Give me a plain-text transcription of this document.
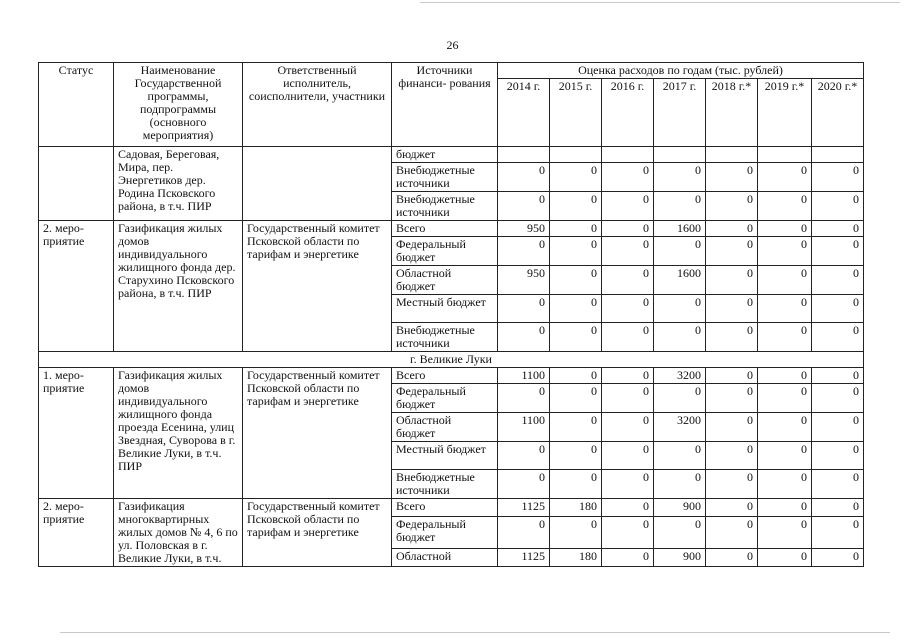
26
Статус	Наименование Государственной программы, подпрограммы (основного мероприятия)	Ответственный исполнитель, соисполнители, участники	Источники финанси- рования	Оценка расходов по годам (тыс. рублей)						
				2014 г.	2015 г.	2016 г.	2017 г.	2018 г.*	2019 г.*	2020 г.*
	Садовая, Береговая, Мира, пер. Энергетиков дер. Родина Псковского района, в т.ч. ПИР		бюджет							
			Внебюджетные источники	0	0	0	0	0	0	0
			Внебюджетные источники	0	0	0	0	0	0	0
2. меро- приятие	Газификация жилых домов индивидуального жилищного фонда дер. Старухино Псковского района, в т.ч. ПИР	Государственный комитет Псковской области по тарифам и энергетике	Всего	950	0	0	1600	0	0	0
			Федеральный бюджет	0	0	0	0	0	0	0
			Областной бюджет	950	0	0	1600	0	0	0
			Местный бюджет	0	0	0	0	0	0	0
			Внебюджетные источники	0	0	0	0	0	0	0
г. Великие Луки										
1. меро- приятие	Газификация жилых домов индивидуального жилищного фонда проезда Есенина, улиц Звездная, Суворова в г. Великие Луки, в т.ч. ПИР	Государственный комитет Псковской области по тарифам и энергетике	Всего	1100	0	0	3200	0	0	0
			Федеральный бюджет	0	0	0	0	0	0	0
			Областной бюджет	1100	0	0	3200	0	0	0
			Местный бюджет	0	0	0	0	0	0	0
			Внебюджетные источники	0	0	0	0	0	0	0
2. меро- приятие	Газификация многоквартирных жилых домов № 4, 6 по ул. Половская в г. Великие Луки, в т.ч.	Государственный комитет Псковской области по тарифам и энергетике	Всего	1125	180	0	900	0	0	0
			Федеральный бюджет	0	0	0	0	0	0	0
			Областной	1125	180	0	900	0	0	0
